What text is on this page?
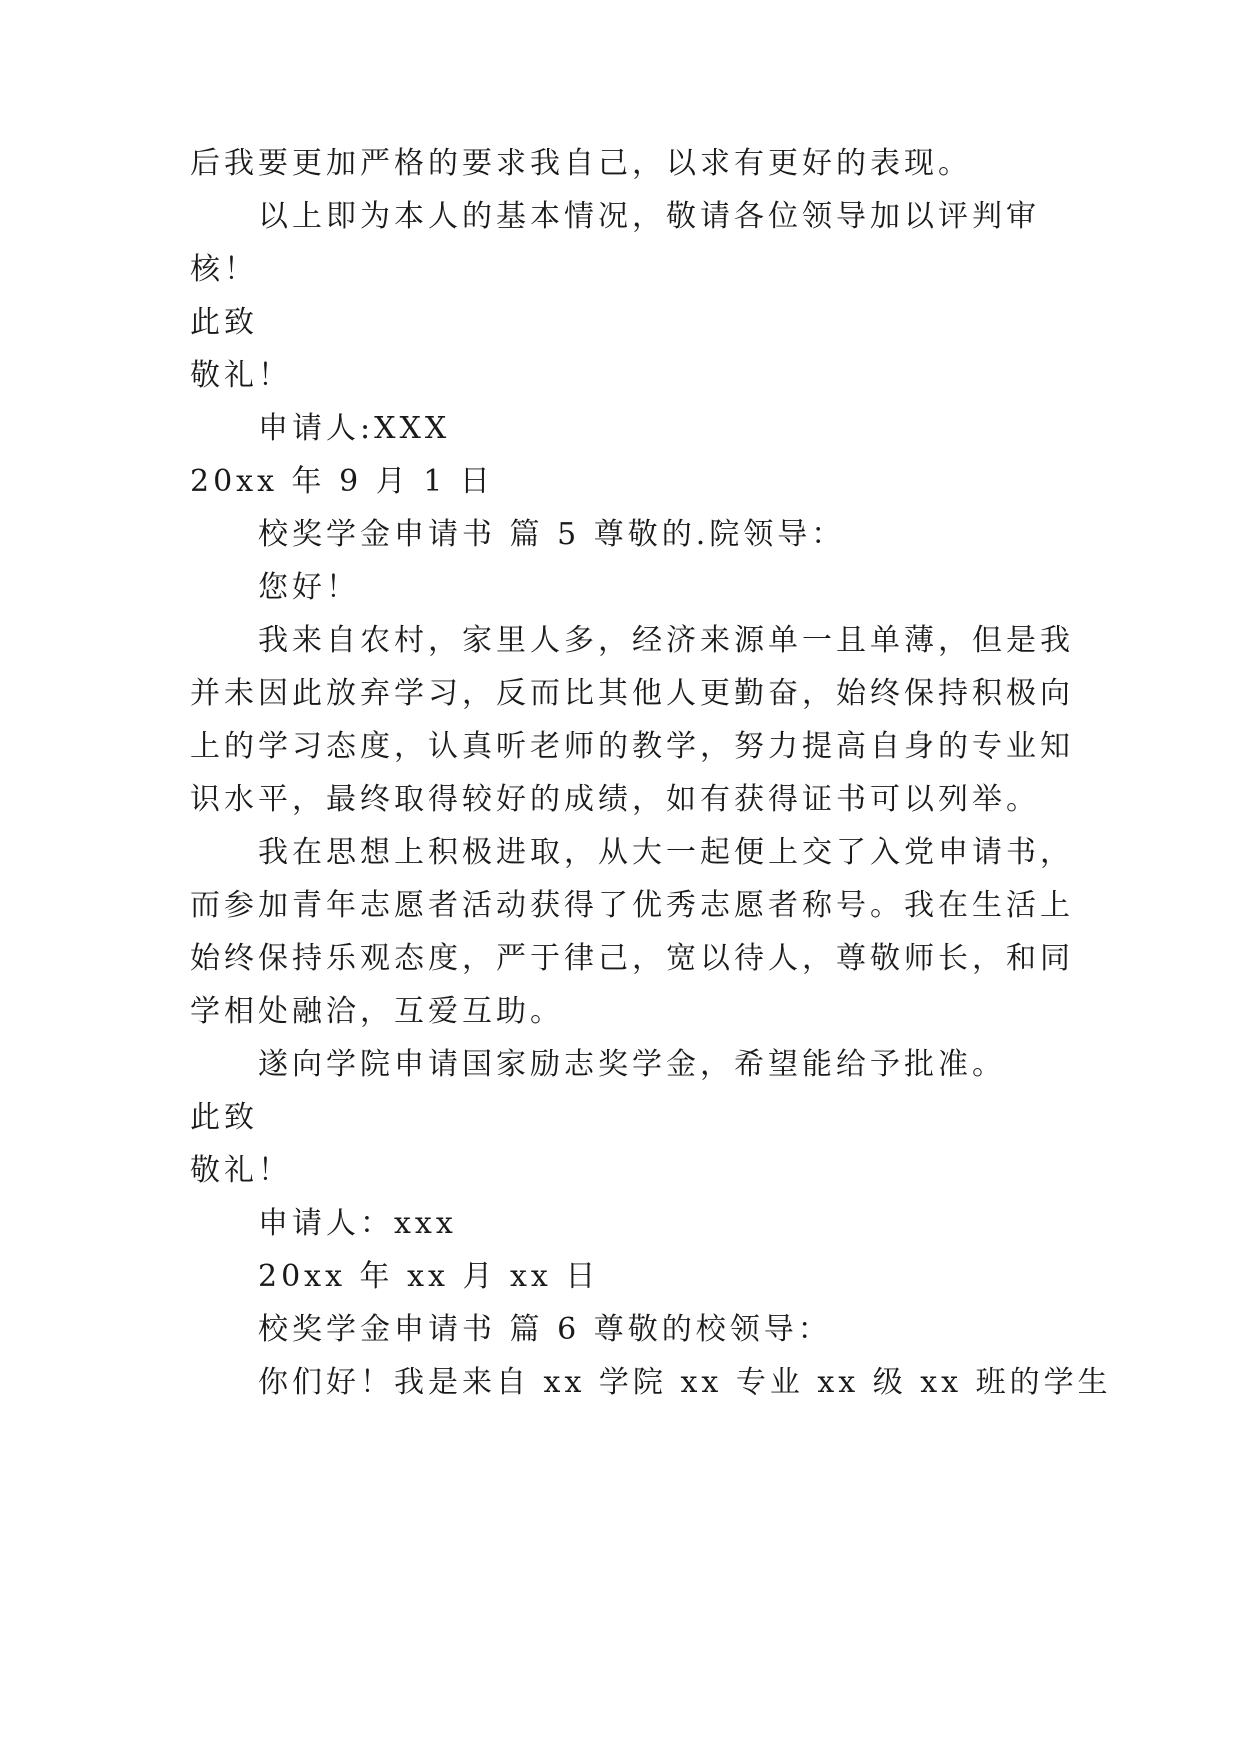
后我要更加严格的要求我自己，以求有更好的表现。

以上即为本人的基本情况，敬请各位领导加以评判审

核！

此致

敬礼！

申请人:XXX

20xx 年 9 月 1 日

校奖学金申请书 篇 5 尊敬的.院领导：

您好！

我来自农村，家里人多，经济来源单一且单薄，但是我

并未因此放弃学习，反而比其他人更勤奋，始终保持积极向

上的学习态度，认真听老师的教学，努力提高自身的专业知

识水平，最终取得较好的成绩，如有获得证书可以列举。

我在思想上积极进取，从大一起便上交了入党申请书，

而参加青年志愿者活动获得了优秀志愿者称号。我在生活上

始终保持乐观态度，严于律己，宽以待人，尊敬师长，和同

学相处融洽，互爱互助。

遂向学院申请国家励志奖学金，希望能给予批准。

此致

敬礼！

申请人：xxx

20xx 年 xx 月 xx 日

校奖学金申请书 篇 6 尊敬的校领导：

你们好！我是来自 xx 学院 xx 专业 xx 级 xx 班的学生
